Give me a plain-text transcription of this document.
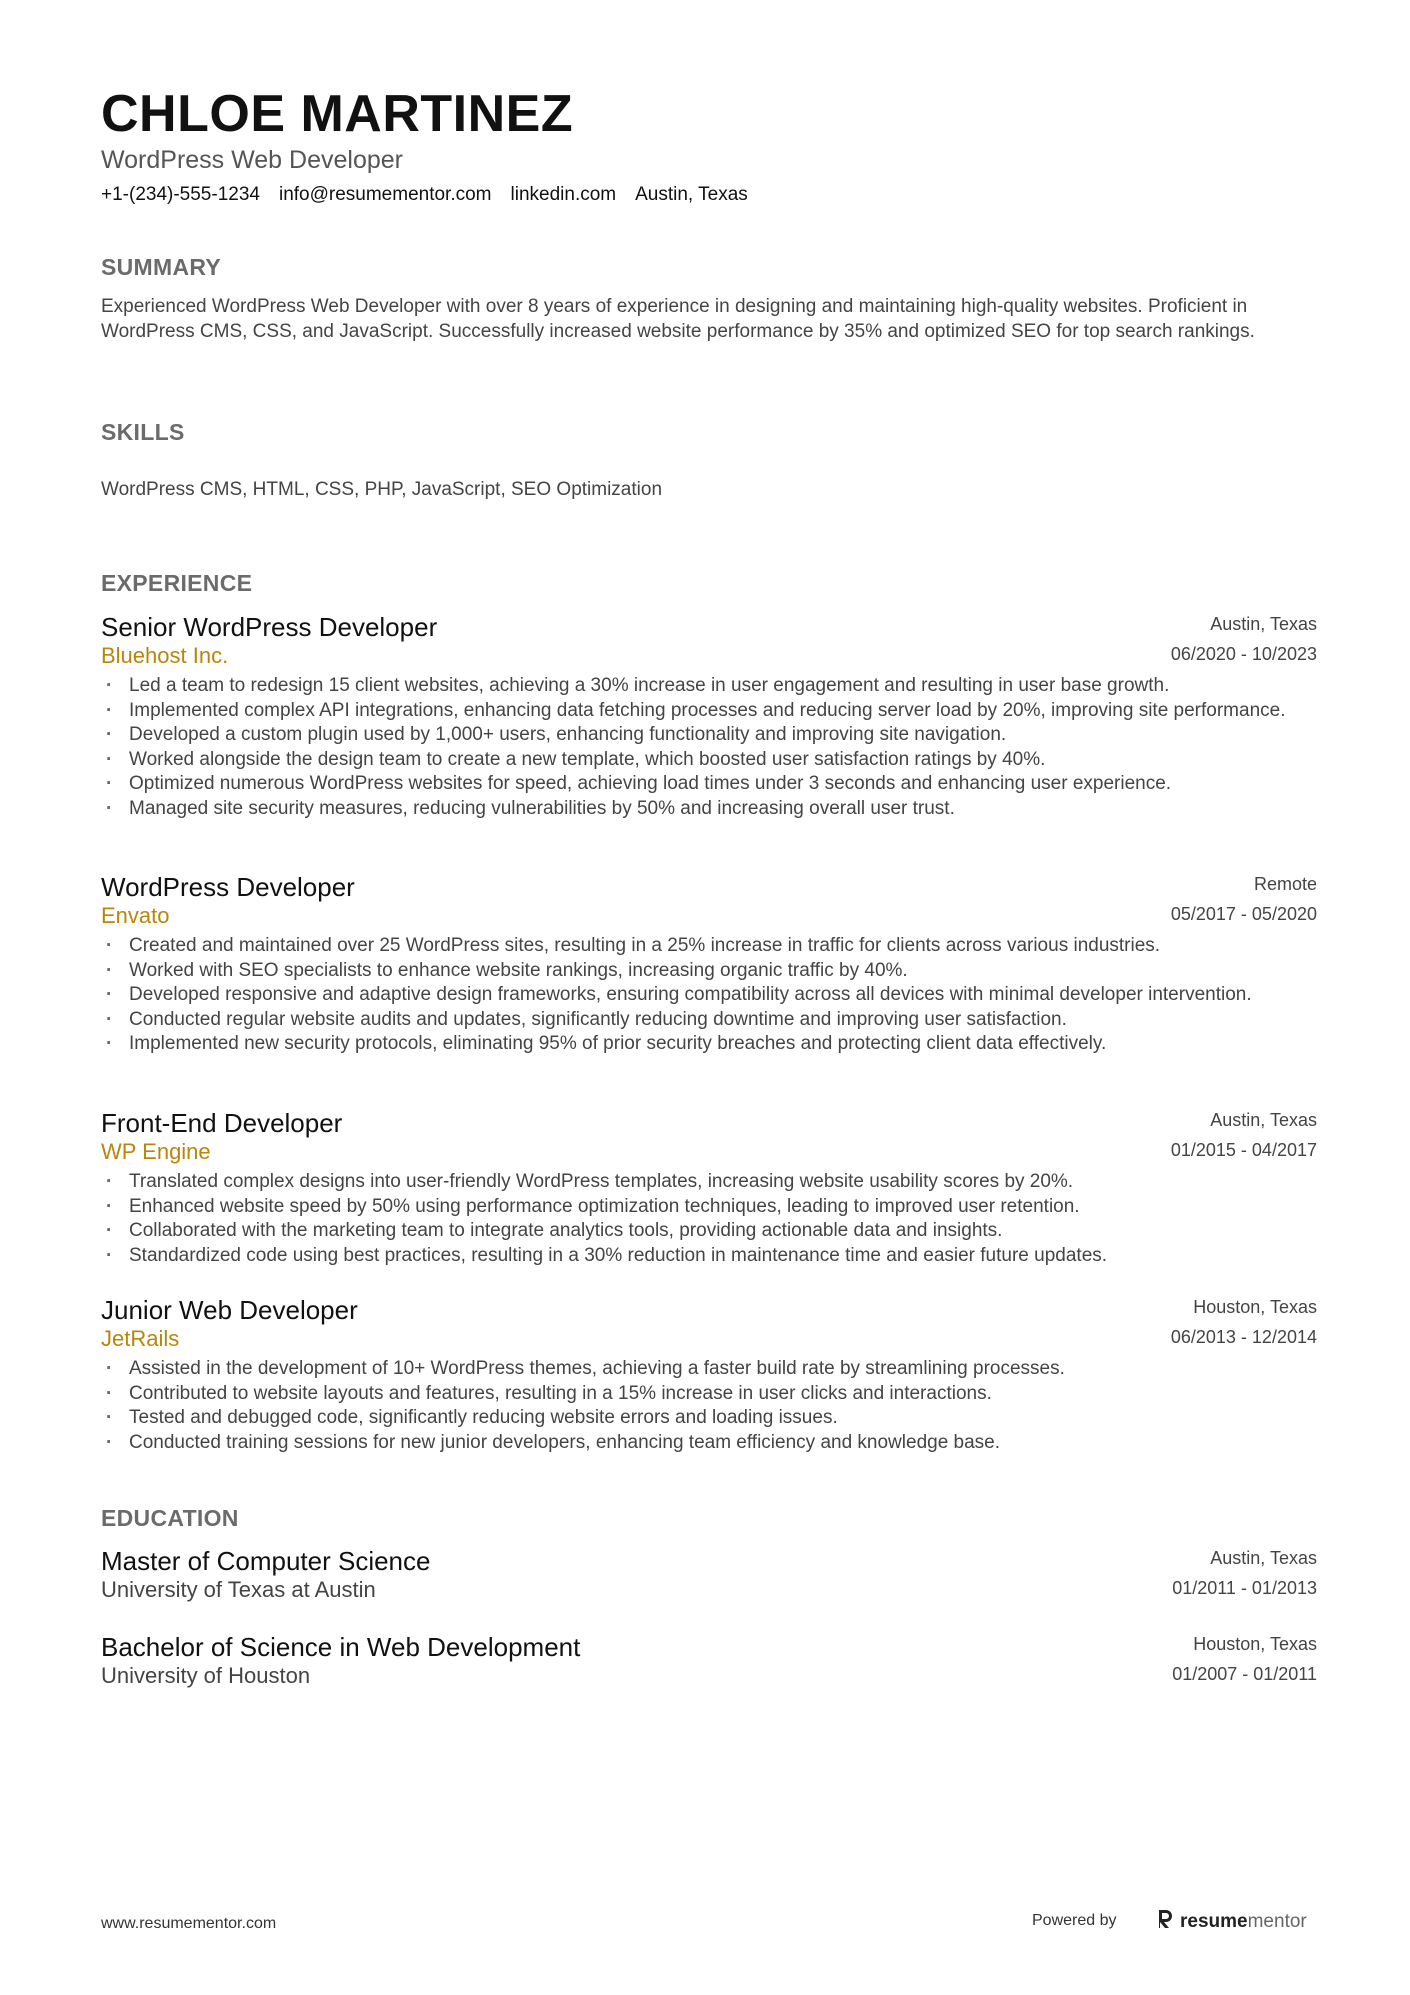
CHLOE MARTINEZ
WordPress Web Developer
+1-(234)-555-1234 info@resumementor.com linkedin.com Austin, Texas
SUMMARY
Experienced WordPress Web Developer with over 8 years of experience in designing and maintaining high-quality websites. Proficient in WordPress CMS, CSS, and JavaScript. Successfully increased website performance by 35% and optimized SEO for top search rankings.
SKILLS
WordPress CMS, HTML, CSS, PHP, JavaScript, SEO Optimization
EXPERIENCE
Senior WordPress Developer
Bluehost Inc.
Austin, Texas
06/2020 - 10/2023
· Led a team to redesign 15 client websites, achieving a 30% increase in user engagement and resulting in user base growth.
· Implemented complex API integrations, enhancing data fetching processes and reducing server load by 20%, improving site performance.
· Developed a custom plugin used by 1,000+ users, enhancing functionality and improving site navigation.
· Worked alongside the design team to create a new template, which boosted user satisfaction ratings by 40%.
· Optimized numerous WordPress websites for speed, achieving load times under 3 seconds and enhancing user experience.
· Managed site security measures, reducing vulnerabilities by 50% and increasing overall user trust.
WordPress Developer
Envato
Remote
05/2017 - 05/2020
· Created and maintained over 25 WordPress sites, resulting in a 25% increase in traffic for clients across various industries.
· Worked with SEO specialists to enhance website rankings, increasing organic traffic by 40%.
· Developed responsive and adaptive design frameworks, ensuring compatibility across all devices with minimal developer intervention.
· Conducted regular website audits and updates, significantly reducing downtime and improving user satisfaction.
· Implemented new security protocols, eliminating 95% of prior security breaches and protecting client data effectively.
Front-End Developer
WP Engine
Austin, Texas
01/2015 - 04/2017
· Translated complex designs into user-friendly WordPress templates, increasing website usability scores by 20%.
· Enhanced website speed by 50% using performance optimization techniques, leading to improved user retention.
· Collaborated with the marketing team to integrate analytics tools, providing actionable data and insights.
· Standardized code using best practices, resulting in a 30% reduction in maintenance time and easier future updates.
Junior Web Developer
JetRails
Houston, Texas
06/2013 - 12/2014
· Assisted in the development of 10+ WordPress themes, achieving a faster build rate by streamlining processes.
· Contributed to website layouts and features, resulting in a 15% increase in user clicks and interactions.
· Tested and debugged code, significantly reducing website errors and loading issues.
· Conducted training sessions for new junior developers, enhancing team efficiency and knowledge base.
EDUCATION
Master of Computer Science
University of Texas at Austin
Austin, Texas
01/2011 - 01/2013
Bachelor of Science in Web Development
University of Houston
Houston, Texas
01/2007 - 01/2011
www.resumementor.com	Powered by	resumementor
